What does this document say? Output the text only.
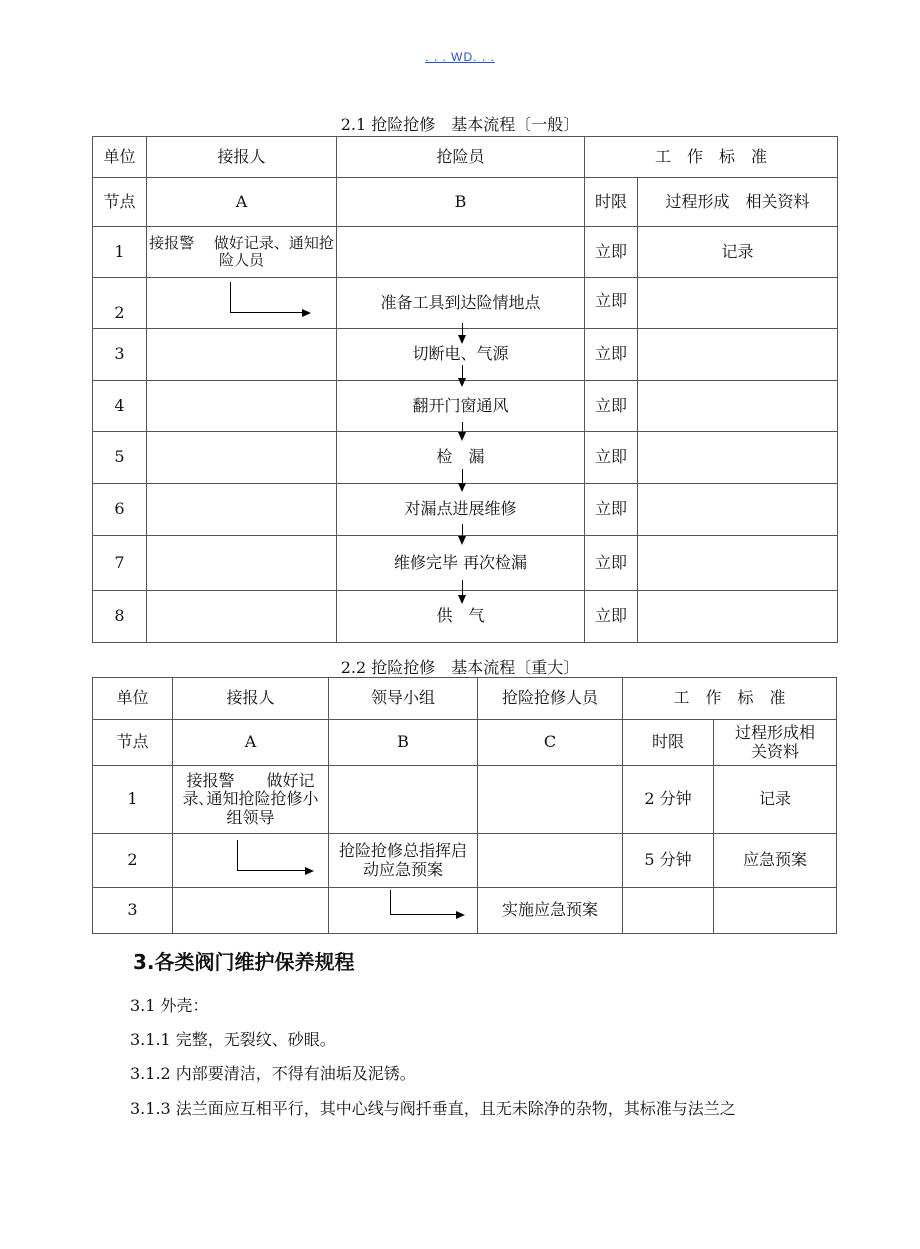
. . . WD. . .
2.1 抢险抢修　基本流程〔一般〕
单位	接报人	抢险员	工　作　标　准	
节点	A	B	时限	过程形成　相关资料
1	接报警　 做好记录、通知抢险人员		立即	记录
2		准备工具到达险情地点	立即	
3		切断电、气源	立即	
4		翻开门窗通风	立即	
5		检　漏	立即	
6		对漏点进展维修	立即	
7		维修完毕 再次检漏	立即	
8		供　气	立即	
2.2 抢险抢修　基本流程〔重大〕
单位	接报人	领导小组	抢险抢修人员	工　作　标　准	
节点	A	B	C	时限	过程形成相关资料
1	接报警　　做好记录､通知抢险抢修小组领导			2 分钟	记录
2		抢险抢修总指挥启动应急预案		5 分钟	应急预案
3			实施应急预案		
3.各类阀门维护保养规程
3.1 外壳：
3.1.1 完整，无裂纹、砂眼。
3.1.2 内部要清洁，不得有油垢及泥锈。
3.1.3 法兰面应互相平行，其中心线与阀扦垂直，且无未除净的杂物，其标准与法兰之
